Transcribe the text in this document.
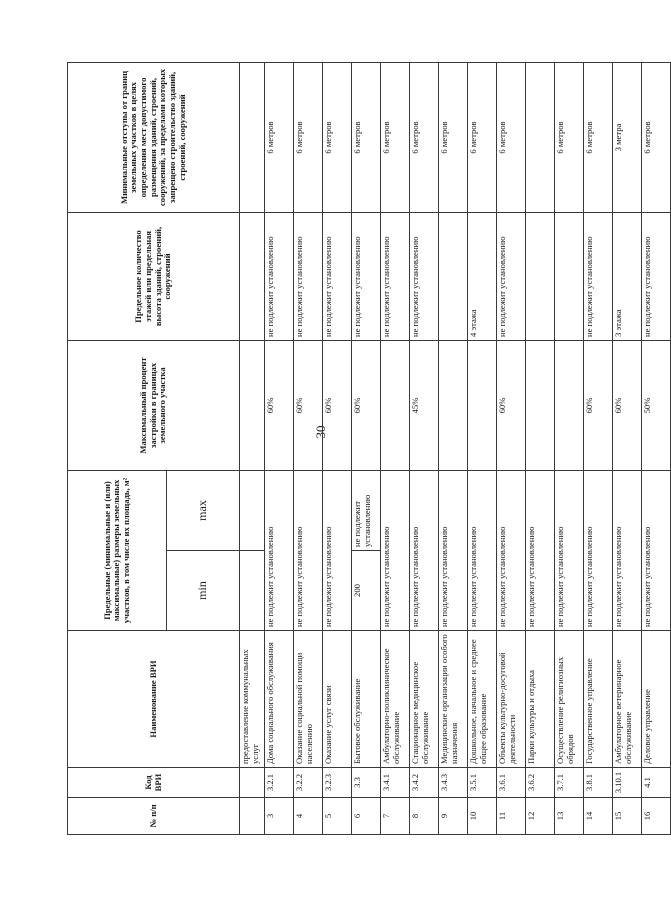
30
№ п/п	Код ВРИ	Наименование ВРИ	Предельные (минимальные и (или) максимальные) размеры земельных участков, в том числе их площадь, м²		Максимальный процент застройки в границах земельного участка	Предельное количество этажей или предельная высота зданий, строений, сооружений	Минимальные отступы от границ земельных участков в целях определения мест допустимого размещения зданий, строений, сооружений, за пределами которых запрещено строительство зданий, строений, сооружений
			min	max			
		предоставление коммунальных услуг					
3	3.2.1	Дома социального обслуживания	не подлежит установлению		60%	не подлежит установлению	6 метров
4	3.2.2	Оказание социальной помощи населению	не подлежит установлению		60%	не подлежит установлению	6 метров
5	3.2.3	Оказание услуг связи	не подлежит установлению		60%	не подлежит установлению	6 метров
6	3.3	Бытовое обслуживание	200	не подлежит установлению	60%	не подлежит установлению	6 метров
7	3.4.1	Амбулаторно-поликлиническое обслуживание	не подлежит установлению			не подлежит установлению	6 метров
8	3.4.2	Стационарное медицинское обслуживание	не подлежит установлению		45%	не подлежит установлению	6 метров
9	3.4.3	Медицинские организации особого назначения	не подлежит установлению				6 метров
10	3.5.1	Дошкольное, начальное и среднее общее образование	не подлежит установлению			4 этажа	6 метров
11	3.6.1	Объекты культурно-досуговой деятельности	не подлежит установлению		60%	не подлежит установлению	6 метров
12	3.6.2	Парки культуры и отдыха	не подлежит установлению				
13	3.7.1	Осуществление религиозных обрядов	не подлежит установлению				6 метров
14	3.8.1	Государственное управление	не подлежит установлению		60%	не подлежит установлению	6 метров
15	3.10.1	Амбулаторное ветеринарное обслуживание	не подлежит установлению		60%	3 этажа	3 метра
16	4.1	Деловое управление	не подлежит установлению		50%	не подлежит установлению	6 метров
